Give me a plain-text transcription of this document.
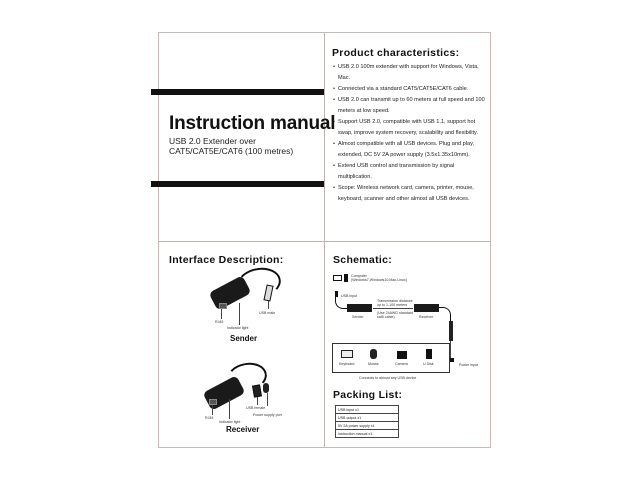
Instruction manual
USB 2.0 Extender over CAT5/CAT5E/CAT6 (100 metres)
Product characteristics:
• USB 2.0 100m extender with support for Windows, Vista, Mac.
• Connected via a standard CAT5/CAT5E/CAT6 cable.
• USB 2.0 can transmit up to 60 meters at full speed and 100 meters at low speed.
• Support USB 2.0, compatible with USB 1.1, support hot swap, improve system recovery, scalability and flexibility.
• Almost compatible with all USB devices. Plug and play, extended, DC 5V 2A power supply (3.5x1.35x10mm).
• Extend USB control and transmission by signal multiplication.
• Scope: Wireless network card, camera, printer, mouse, keyboard, scanner and other almost all USB devices.
Interface Description:
RJ45
Indicator light
USB male
Sender
RJ45
Indicator light
USB female
Power supply port
Receiver
Schematic:
Computer
(Windows7,Windows10,Mac,Linux)
USB input
Sender
Transmission distance
up to 1-100 meters
(Use 24AWG standard
cat6 cable)	Receiver
Power input
Keyboard	Mouse	Camera	U Disk
Connects to almost any USB device
Packing List:
USB input x1
USB output x1
5V 2A power supply x1
Instruction manual x1
